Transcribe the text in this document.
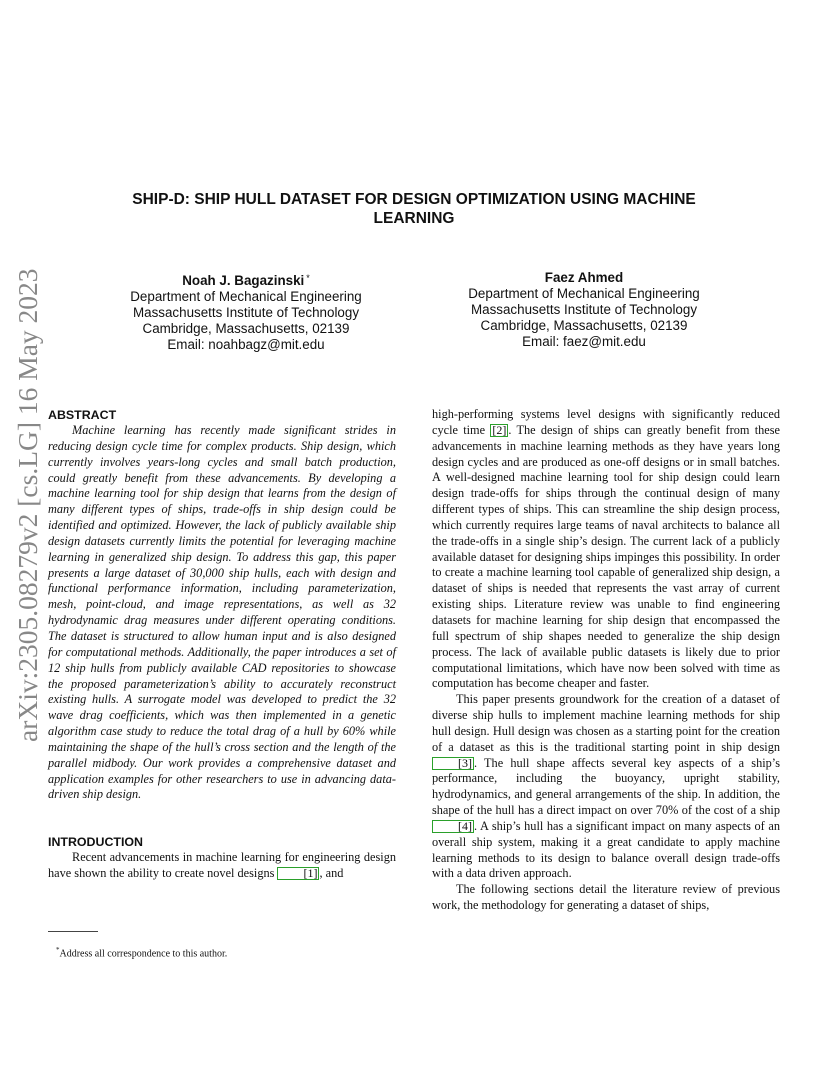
SHIP-D: SHIP HULL DATASET FOR DESIGN OPTIMIZATION USING MACHINE LEARNING
arXiv:2305.08279v2 [cs.LG] 16 May 2023	Noah J. Bagazinski *
Department of Mechanical Engineering
Massachusetts Institute of Technology
Cambridge, Massachusetts, 02139
Email: noahbagz@mit.edu
Faez Ahmed
Department of Mechanical Engineering
Massachusetts Institute of Technology
Cambridge, Massachusetts, 02139
Email: faez@mit.edu
ABSTRACT

Machine learning has recently made significant strides in reducing design cycle time for complex products. Ship design, which currently involves years-long cycles and small batch production, could greatly benefit from these advancements. By developing a machine learning tool for ship design that learns from the design of many different types of ships, trade-offs in ship design could be identified and optimized. However, the lack of publicly available ship design datasets currently limits the potential for leveraging machine learning in generalized ship design. To address this gap, this paper presents a large dataset of 30,000 ship hulls, each with design and functional performance information, including parameterization, mesh, point-cloud, and image representations, as well as 32 hydrodynamic drag measures under different operating conditions. The dataset is structured to allow human input and is also designed for computational methods. Additionally, the paper introduces a set of 12 ship hulls from publicly available CAD repositories to showcase the proposed parameterization’s ability to accurately reconstruct existing hulls. A surrogate model was developed to predict the 32 wave drag coefficients, which was then implemented in a genetic algorithm case study to reduce the total drag of a hull by 60% while maintaining the shape of the hull’s cross section and the length of the parallel midbody. Our work provides a comprehensive dataset and application examples for other researchers to use in advancing data-driven ship design.

INTRODUCTION

Recent advancements in machine learning for engineering design have shown the ability to create novel designs [1] , and

high-performing systems level designs with significantly reduced cycle time [2] . The design of ships can greatly benefit from these advancements in machine learning methods as they have years long design cycles and are produced as one-off designs or in small batches. A well-designed machine learning tool for ship design could learn design trade-offs for ships through the continual design of many different types of ships. This can streamline the ship design process, which currently requires large teams of naval architects to balance all the trade-offs in a single ship’s design. The current lack of a publicly available dataset for designing ships impinges this possibility. In order to create a machine learning tool capable of generalized ship design, a dataset of ships is needed that represents the vast array of current existing ships. Literature review was unable to find engineering datasets for machine learning for ship design that encompassed the full spectrum of ship shapes needed to generalize the ship design process. The lack of available public datasets is likely due to prior computational limitations, which have now been solved with time as computation has become cheaper and faster.

This paper presents groundwork for the creation of a dataset of diverse ship hulls to implement machine learning methods for ship hull design. Hull design was chosen as a starting point for the creation of a dataset as this is the traditional starting point in ship design [3] . The hull shape affects several key aspects of a ship’s performance, including the buoyancy, upright stability, hydrodynamics, and general arrangements of the ship. In addition, the shape of the hull has a direct impact on over 70% of the cost of a ship [4] . A ship’s hull has a significant impact on many aspects of an overall ship system, making it a great candidate to apply machine learning methods to its design to balance overall design trade-offs with a data driven approach.

The following sections detail the literature review of previous work, the methodology for generating a dataset of ships,

*Address all correspondence to this author.
